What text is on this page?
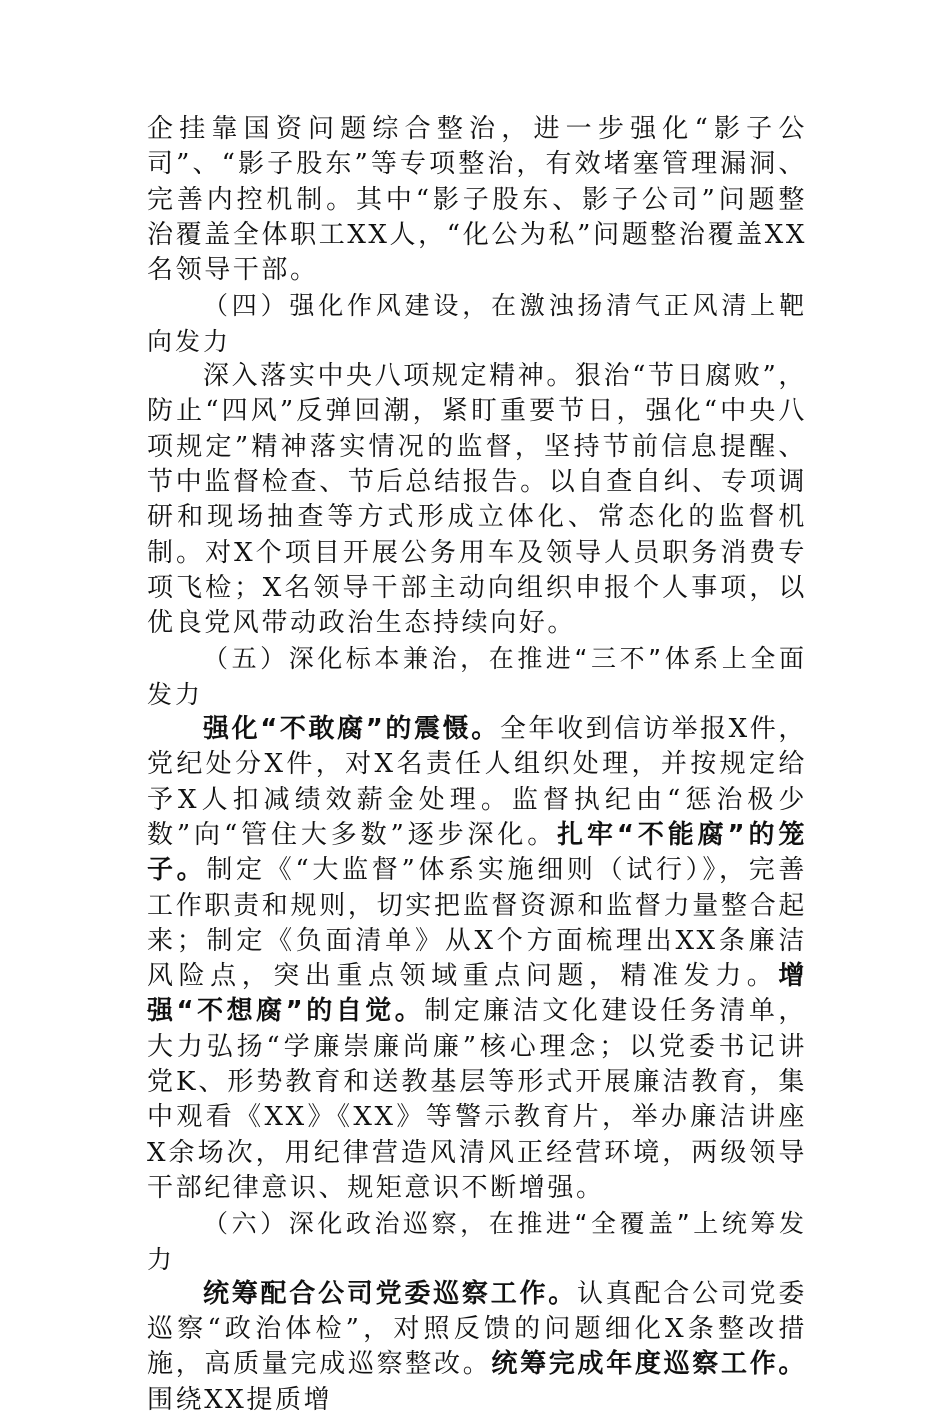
企挂靠国资问题综合整治，进一步强化“影子公司”、“影子股东”等专项整治，有效堵塞管理漏洞、完善内控机制。其中“影子股东、影子公司”问题整治覆盖全体职工XX人，“化公为私”问题整治覆盖XX名领导干部。

（四）强化作风建设，在激浊扬清气正风清上靶向发力

深入落实中央八项规定精神。狠治“节日腐败”，防止“四风”反弹回潮，紧盯重要节日，强化“中央八项规定”精神落实情况的监督，坚持节前信息提醒、节中监督检查、节后总结报告。以自查自纠、专项调研和现场抽查等方式形成立体化、常态化的监督机制。对X个项目开展公务用车及领导人员职务消费专项飞检；X名领导干部主动向组织申报个人事项，以优良党风带动政治生态持续向好。

（五）深化标本兼治，在推进“三不”体系上全面发力

强化“不敢腐”的震慑。全年收到信访举报X件，党纪处分X件，对X名责任人组织处理，并按规定给予X人扣减绩效薪金处理。监督执纪由“惩治极少数”向“管住大多数”逐步深化。扎牢“不能腐”的笼子。制定《“大监督”体系实施细则（试行）》，完善工作职责和规则，切实把监督资源和监督力量整合起来；制定《负面清单》从X个方面梳理出XX条廉洁风险点，突出重点领域重点问题，精准发力。增强“不想腐”的自觉。制定廉洁文化建设任务清单，大力弘扬“学廉崇廉尚廉”核心理念；以党委书记讲党K、形势教育和送教基层等形式开展廉洁教育，集中观看《XX》《XX》等警示教育片，举办廉洁讲座X余场次，用纪律营造风清风正经营环境，两级领导干部纪律意识、规矩意识不断增强。

（六）深化政治巡察，在推进“全覆盖”上统筹发力

统筹配合公司党委巡察工作。认真配合公司党委巡察“政治体检”，对照反馈的问题细化X条整改措施，高质量完成巡察整改。统筹完成年度巡察工作。围绕XX提质增
